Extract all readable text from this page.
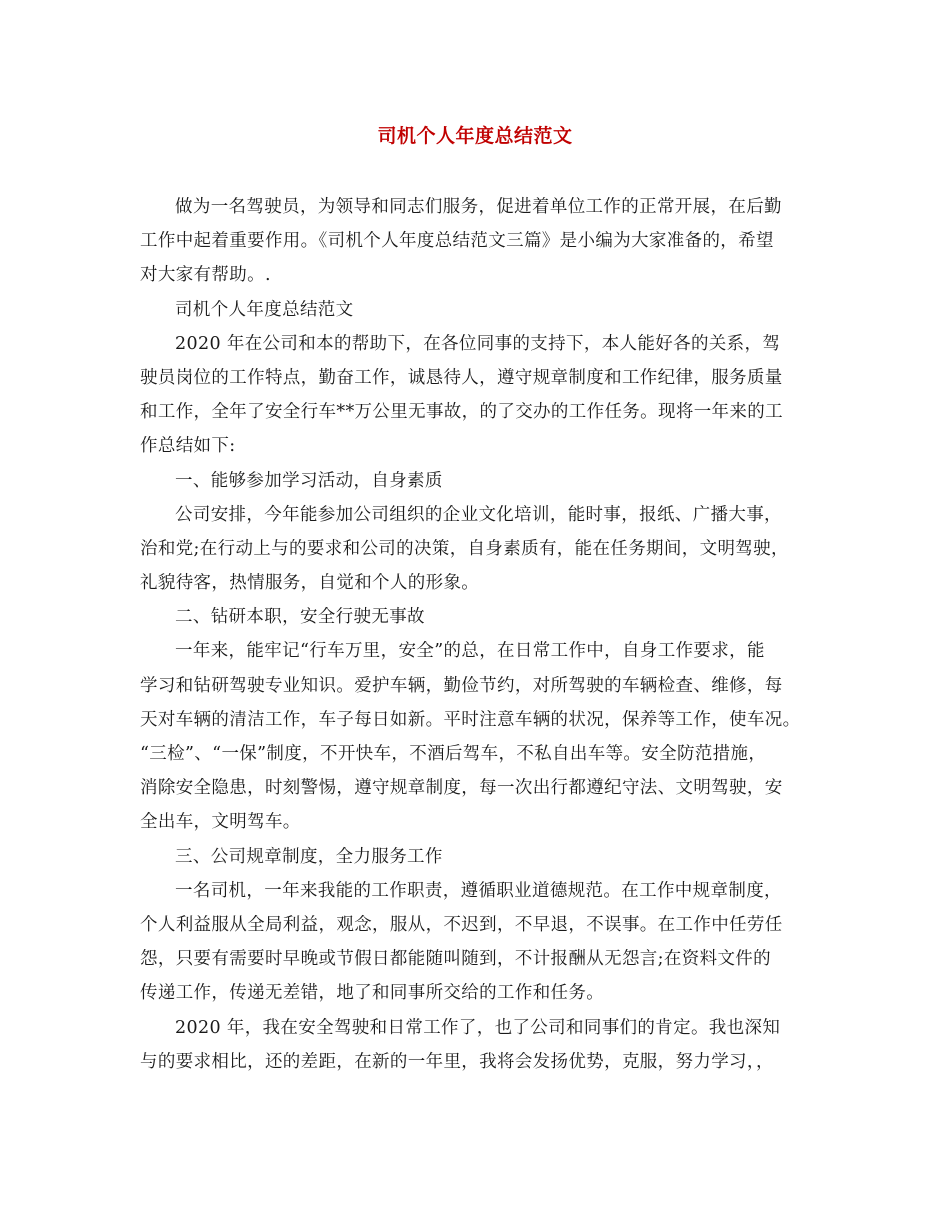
司机个人年度总结范文
做为一名驾驶员，为领导和同志们服务，促进着单位工作的正常开展，在后勤
工作中起着重要作用。《司机个人年度总结范文三篇》是小编为大家准备的，希望
对大家有帮助。.
司机个人年度总结范文
2020 年在公司和本的帮助下，在各位同事的支持下，本人能好各的关系，驾
驶员岗位的工作特点，勤奋工作，诚恳待人，遵守规章制度和工作纪律，服务质量
和工作，全年了安全行车**万公里无事故，的了交办的工作任务。现将一年来的工
作总结如下:
一、能够参加学习活动，自身素质
公司安排，今年能参加公司组织的企业文化培训，能时事，报纸、广播大事，
治和党;在行动上与的要求和公司的决策，自身素质有，能在任务期间，文明驾驶，
礼貌待客，热情服务，自觉和个人的形象。
二、钻研本职，安全行驶无事故
一年来，能牢记“行车万里，安全”的总，在日常工作中，自身工作要求，能
学习和钻研驾驶专业知识。爱护车辆，勤俭节约，对所驾驶的车辆检查、维修，每
天对车辆的清洁工作，车子每日如新。平时注意车辆的状况，保养等工作，使车况。
“三检”、“一保”制度，不开快车，不酒后驾车，不私自出车等。安全防范措施，
消除安全隐患，时刻警惕，遵守规章制度，每一次出行都遵纪守法、文明驾驶，安
全出车，文明驾车。
三、公司规章制度，全力服务工作
一名司机，一年来我能的工作职责，遵循职业道德规范。在工作中规章制度，
个人利益服从全局利益，观念，服从，不迟到，不早退，不误事。在工作中任劳任
怨，只要有需要时早晚或节假日都能随叫随到，不计报酬从无怨言;在资料文件的
传递工作，传递无差错，地了和同事所交给的工作和任务。
2020 年，我在安全驾驶和日常工作了，也了公司和同事们的肯定。我也深知
与的要求相比，还的差距，在新的一年里，我将会发扬优势，克服，努力学习，，
